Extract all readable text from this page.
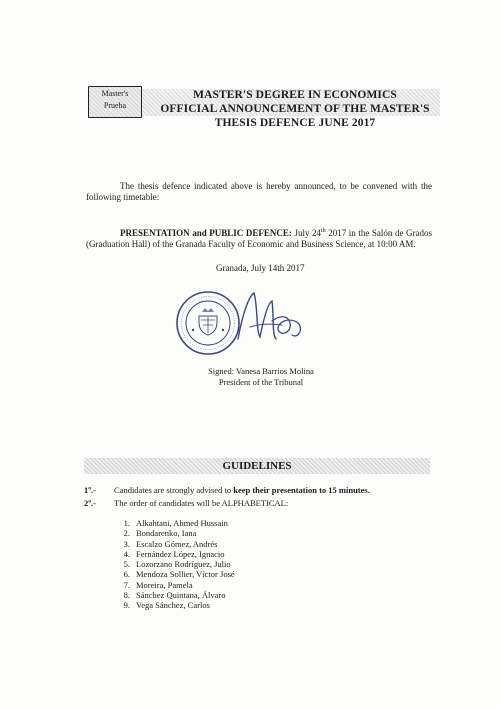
Master's
Prueba
MASTER'S DEGREE IN ECONOMICS
OFFICIAL ANNOUNCEMENT OF THE MASTER'S
THESIS DEFENCE JUNE 2017

The thesis defence indicated above is hereby announced, to be convened with the following timetable:

PRESENTATION and PUBLIC DEFENCE: July 24th 2017 in the Salón de Grados (Graduation Hall) of the Granada Faculty of Economic and Business Science, at 10:00 AM.

Granada, July 14th 2017
Signed: Vanesa Barrios Molina
President of the Tribunal
GUIDELINES
1º.- Candidates are strongly advised to keep their presentation to 15 minutes.
2º.- The order of candidates will be ALPHABETICAL:
1. Alkahtani, Ahmed Hussain
2. Bondarenko, Iana
3. Escalzo Gómez, Andrés
4. Fernández López, Ignacio
5. Lozorzano Rodríguez, Julio
6. Mendoza Sollier, Víctor José
7. Moreira, Pamela
8. Sánchez Quintana, Álvaro
9. Vega Sánchez, Carlos
